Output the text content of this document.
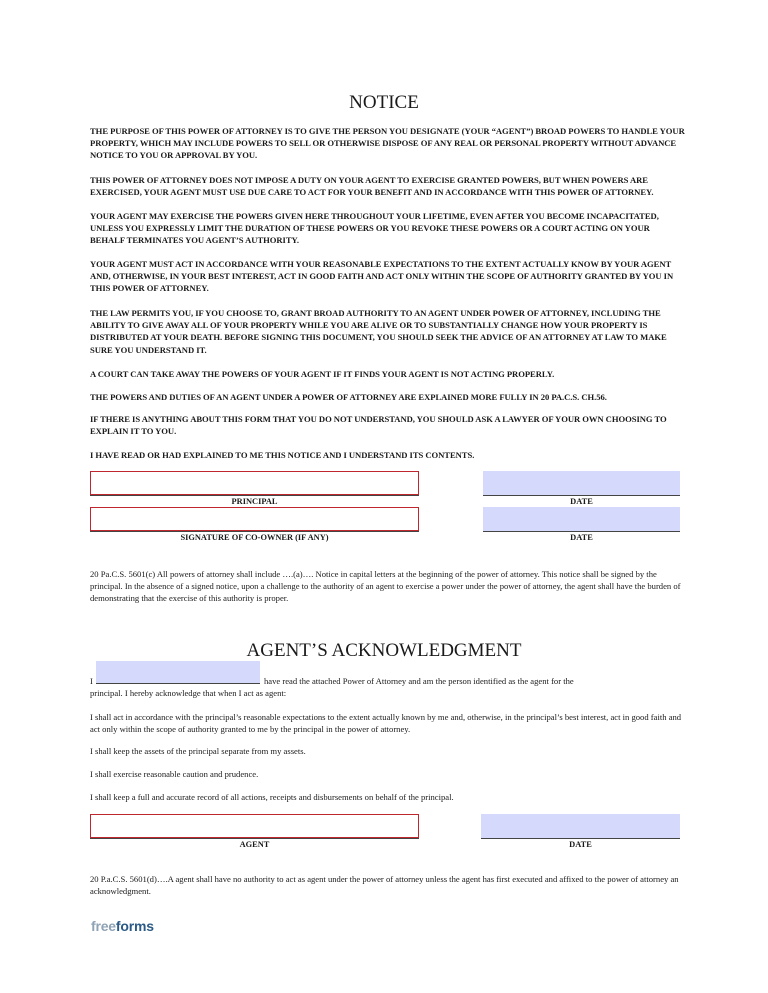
NOTICE

THE PURPOSE OF THIS POWER OF ATTORNEY IS TO GIVE THE PERSON YOU DESIGNATE (YOUR “AGENT”) BROAD POWERS TO HANDLE YOUR PROPERTY, WHICH MAY INCLUDE POWERS TO SELL OR OTHERWISE DISPOSE OF ANY REAL OR PERSONAL PROPERTY WITHOUT ADVANCE NOTICE TO YOU OR APPROVAL BY YOU.

THIS POWER OF ATTORNEY DOES NOT IMPOSE A DUTY ON YOUR AGENT TO EXERCISE GRANTED POWERS, BUT WHEN POWERS ARE EXERCISED, YOUR AGENT MUST USE DUE CARE TO ACT FOR YOUR BENEFIT AND IN ACCORDANCE WITH THIS POWER OF ATTORNEY.

YOUR AGENT MAY EXERCISE THE POWERS GIVEN HERE THROUGHOUT YOUR LIFETIME, EVEN AFTER YOU BECOME INCAPACITATED, UNLESS YOU EXPRESSLY LIMIT THE DURATION OF THESE POWERS OR YOU REVOKE THESE POWERS OR A COURT ACTING ON YOUR BEHALF TERMINATES YOU AGENT’S AUTHORITY.

YOUR AGENT MUST ACT IN ACCORDANCE WITH YOUR REASONABLE EXPECTATIONS TO THE EXTENT ACTUALLY KNOW BY YOUR AGENT AND, OTHERWISE, IN YOUR BEST INTEREST, ACT IN GOOD FAITH AND ACT ONLY WITHIN THE SCOPE OF AUTHORITY GRANTED BY YOU IN THIS POWER OF ATTORNEY.

THE LAW PERMITS YOU, IF YOU CHOOSE TO, GRANT BROAD AUTHORITY TO AN AGENT UNDER POWER OF ATTORNEY, INCLUDING THE ABILITY TO GIVE AWAY ALL OF YOUR PROPERTY WHILE YOU ARE ALIVE OR TO SUBSTANTIALLY CHANGE HOW YOUR PROPERTY IS DISTRIBUTED AT YOUR DEATH. BEFORE SIGNING THIS DOCUMENT, YOU SHOULD SEEK THE ADVICE OF AN ATTORNEY AT LAW TO MAKE SURE YOU UNDERSTAND IT.

A COURT CAN TAKE AWAY THE POWERS OF YOUR AGENT IF IT FINDS YOUR AGENT IS NOT ACTING PROPERLY.

THE POWERS AND DUTIES OF AN AGENT UNDER A POWER OF ATTORNEY ARE EXPLAINED MORE FULLY IN 20 PA.C.S. CH.56.

IF THERE IS ANYTHING ABOUT THIS FORM THAT YOU DO NOT UNDERSTAND, YOU SHOULD ASK A LAWYER OF YOUR OWN CHOOSING TO EXPLAIN IT TO YOU.

I HAVE READ OR HAD EXPLAINED TO ME THIS NOTICE AND I UNDERSTAND ITS CONTENTS.

PRINCIPAL	DATE
SIGNATURE OF CO-OWNER (IF ANY)	DATE

20 Pa.C.S. 5601(c) All powers of attorney shall include ….(a)…. Notice in capital letters at the beginning of the power of attorney. This notice shall be signed by the principal. In the absence of a signed notice, upon a challenge to the authority of an agent to exercise a power under the power of attorney, the agent shall have the burden of demonstrating that the exercise of this authority is proper.

AGENT’S ACKNOWLEDGMENT
I	have read the attached Power of Attorney and am the person identified as the agent for the
principal. I hereby acknowledge that when I act as agent:

I shall act in accordance with the principal’s reasonable expectations to the extent actually known by me and, otherwise, in the principal’s best interest, act in good faith and act only within the scope of authority granted to me by the principal in the power of attorney.

I shall keep the assets of the principal separate from my assets.

I shall exercise reasonable caution and prudence.

I shall keep a full and accurate record of all actions, receipts and disbursements on behalf of the principal.

AGENT	DATE

20 P.a.C.S. 5601(d)….A agent shall have no authority to act as agent under the power of attorney unless the agent has first executed and affixed to the power of attorney an acknowledgment.

freeforms
